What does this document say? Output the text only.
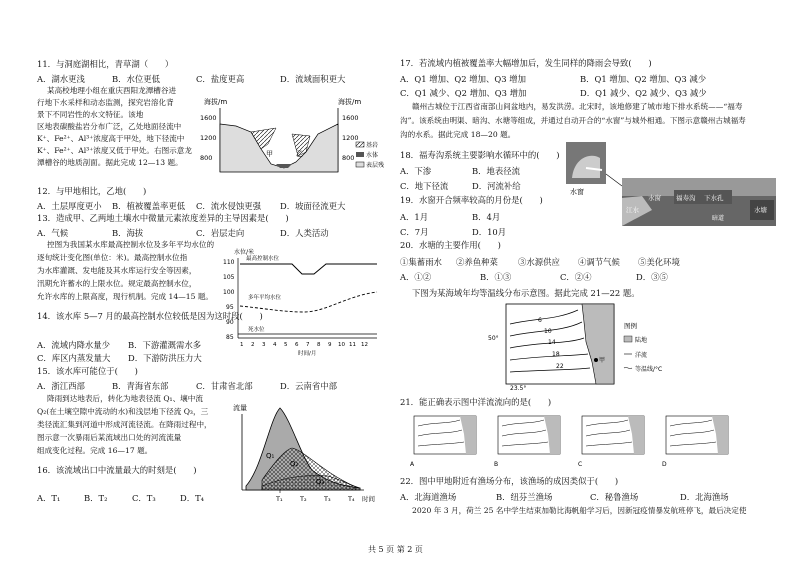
11．与洞庭湖相比，青草湖（　　）
A．湖水更浅	B．水位更低	C．盐度更高	D．流域面积更大
某高校地理小组在重庆酉阳龙潭槽谷进
行地下水采样和动态监测，探究岩溶化背
景下不同岩性的水文特征。该地
区地表碳酸盐岩分布广泛，乙处地面径流中
K⁺、Fe²⁺、Al³⁺浓度高于甲处，地下径流中
K⁺、Fe²⁺、Al³⁺浓度又低于甲处。右图示意龙
潭槽谷的地质剖面。据此完成 12—13 题。
海拔/m	海拔/m
1600
1200
800
1600
1200
800
甲	乙
基岩
水体
表层残
12．与甲地相比，乙地(　　)
A．土层厚度更小 B．植被覆盖率更低 C．流水侵蚀更强 D．坡面径流更大
13．造成甲、乙两地土壤水中微量元素浓度差异的主导因素是(　　)
A．气候	B．海拔	C．岩层走向	D．人类活动
控图为我国某水库最高控制水位及多年平均水位的
逐旬统计变化图(单位：米)。最高控制水位指
为水库灌溉、发电能及其水库运行安全等因素，
汛期允许蓄水的上限水位。规定最高控制水位，
允许水库的上限高度，现行机制。完成 14—15 题。
水位/米
110
105
100
95
90
85
最高控制水位
多年平均水位
死水位
1 2 3 4 5 6 7 8 9 10 11 12
时间/月
14．该水库 5—7 月的最高控制水位较低是因为这时段(　　)
A．流域内降水量少 B．下游灌溉需水多
C．库区内蒸发量大 D．下游防洪压力大
15．该水库可能位于(　　)
A．浙江西部	B．青海省东部	C．甘肃省北部	D．云南省中部
降雨到达地表后，转化为地表径流 Q₁、壤中流
Q₂(在土壤空隙中流动的水)和浅层地下径流 Q₃，三
类径流汇集到河道中形成河流径流。在降雨过程中，
图示意一次暴雨后某流域出口处的河流流量
组成变化过程。完成 16—17 题。
16．该流域出口中流量最大的时刻是(　　)
A．T₁	B．T₂	C．T₃	D．T₄
流量
Q₁
Q₂
Q₃
T₁	T₂	T₃	T₄ 时间
17．若流域内植被覆盖率大幅增加后，发生同样的降雨会导致(　　)
A．Q1 增加、Q2 增加、Q3 增加	B．Q1 增加、Q2 增加、Q3 减少
C．Q1 减少、Q2 增加、Q3 增加	D．Q1 减少、Q2 减少、Q3 减少
赣州古城位于江西省南部山间盆地内，易发洪涝。北宋时，该地修建了城市地下排水系统——“福寿
沟”。该系统由明渠、暗沟、水塘等组成，并通过自动开合的“水窗”与城外相通。下图示意赣州古城福寿
沟的水系。据此完成 18—20 题。
18．福寿沟系统主要影响水循环中的(　　)
A．下渗	B．地表径流
C．地下径流	D．河流补给
19．水窗开合频率较高的月份是(　　)
A．1月	B．4月
C．7月	D．10月
水窗
水窗 福寿沟 下水孔
江水	水塘
暗道
20．水塘的主要作用(　　)
①集蓄雨水 ②养鱼种菜 ③水源供应 ④调节气候 ⑤美化环境
A．①②	B．①③	C．②④	D．③⑤
下图为某海域年均等温线分布示意图。据此完成 21—22 题。
6
10
14
18
22
50°
23.5°
甲
图例
陆地
洋流
等温线/°C
21．能正确表示图中洋流流向的是(　　)
A	B	C	D
22．图中甲地附近有渔场分布，该渔场的成因类似于(　　)
A．北海道渔场	B．纽芬兰渔场	C．秘鲁渔场	D．北海渔场
2020 年 3 月，荷兰 25 名中学生结束加勒比海帆船学习后，因新冠疫情暴发航班停飞，最后决定使
共 5 页 第 2 页
